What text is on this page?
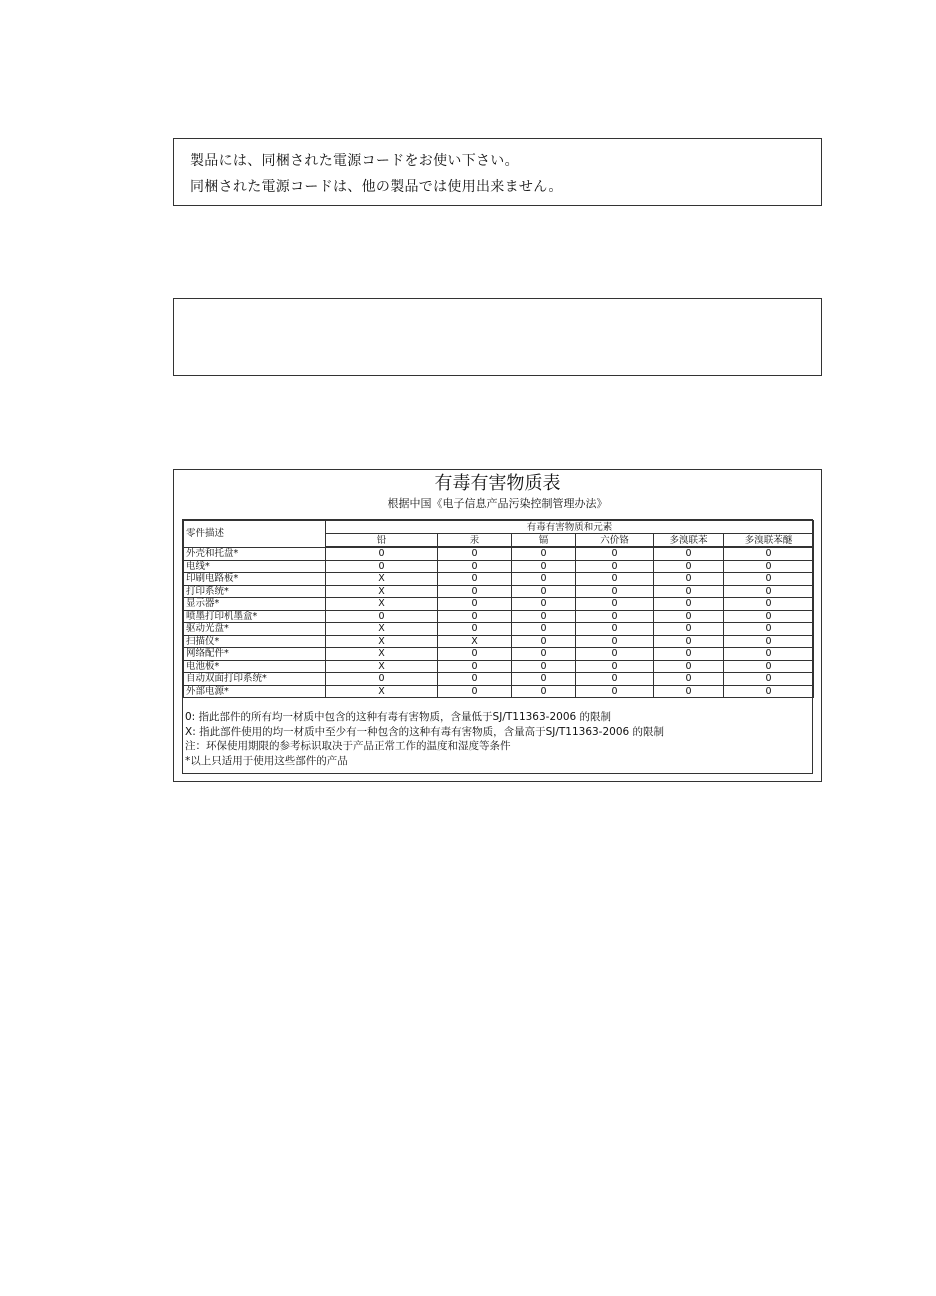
製品には、同梱された電源コードをお使い下さい。

同梱された電源コードは、他の製品では使用出来ません。

有毒有害物质表
根据中国《电子信息产品污染控制管理办法》
零件描述	有毒有害物质和元素					
	铅	汞	镉	六价铬	多溴联苯	多溴联苯醚
外壳和托盘*	0	0	0	0	0	0
电线*	0	0	0	0	0	0
印刷电路板*	X	0	0	0	0	0
打印系统*	X	0	0	0	0	0
显示器*	X	0	0	0	0	0
喷墨打印机墨盒*	0	0	0	0	0	0
驱动光盘*	X	0	0	0	0	0
扫描仪*	X	X	0	0	0	0
网络配件*	X	0	0	0	0	0
电池板*	X	0	0	0	0	0
自动双面打印系统*	0	0	0	0	0	0
外部电源*	X	0	0	0	0	0
0: 指此部件的所有均一材质中包含的这种有毒有害物质，含量低于SJ/T11363-2006 的限制
X: 指此部件使用的均一材质中至少有一种包含的这种有毒有害物质，含量高于SJ/T11363-2006 的限制
注：环保使用期限的参考标识取决于产品正常工作的温度和湿度等条件
*以上只适用于使用这些部件的产品
